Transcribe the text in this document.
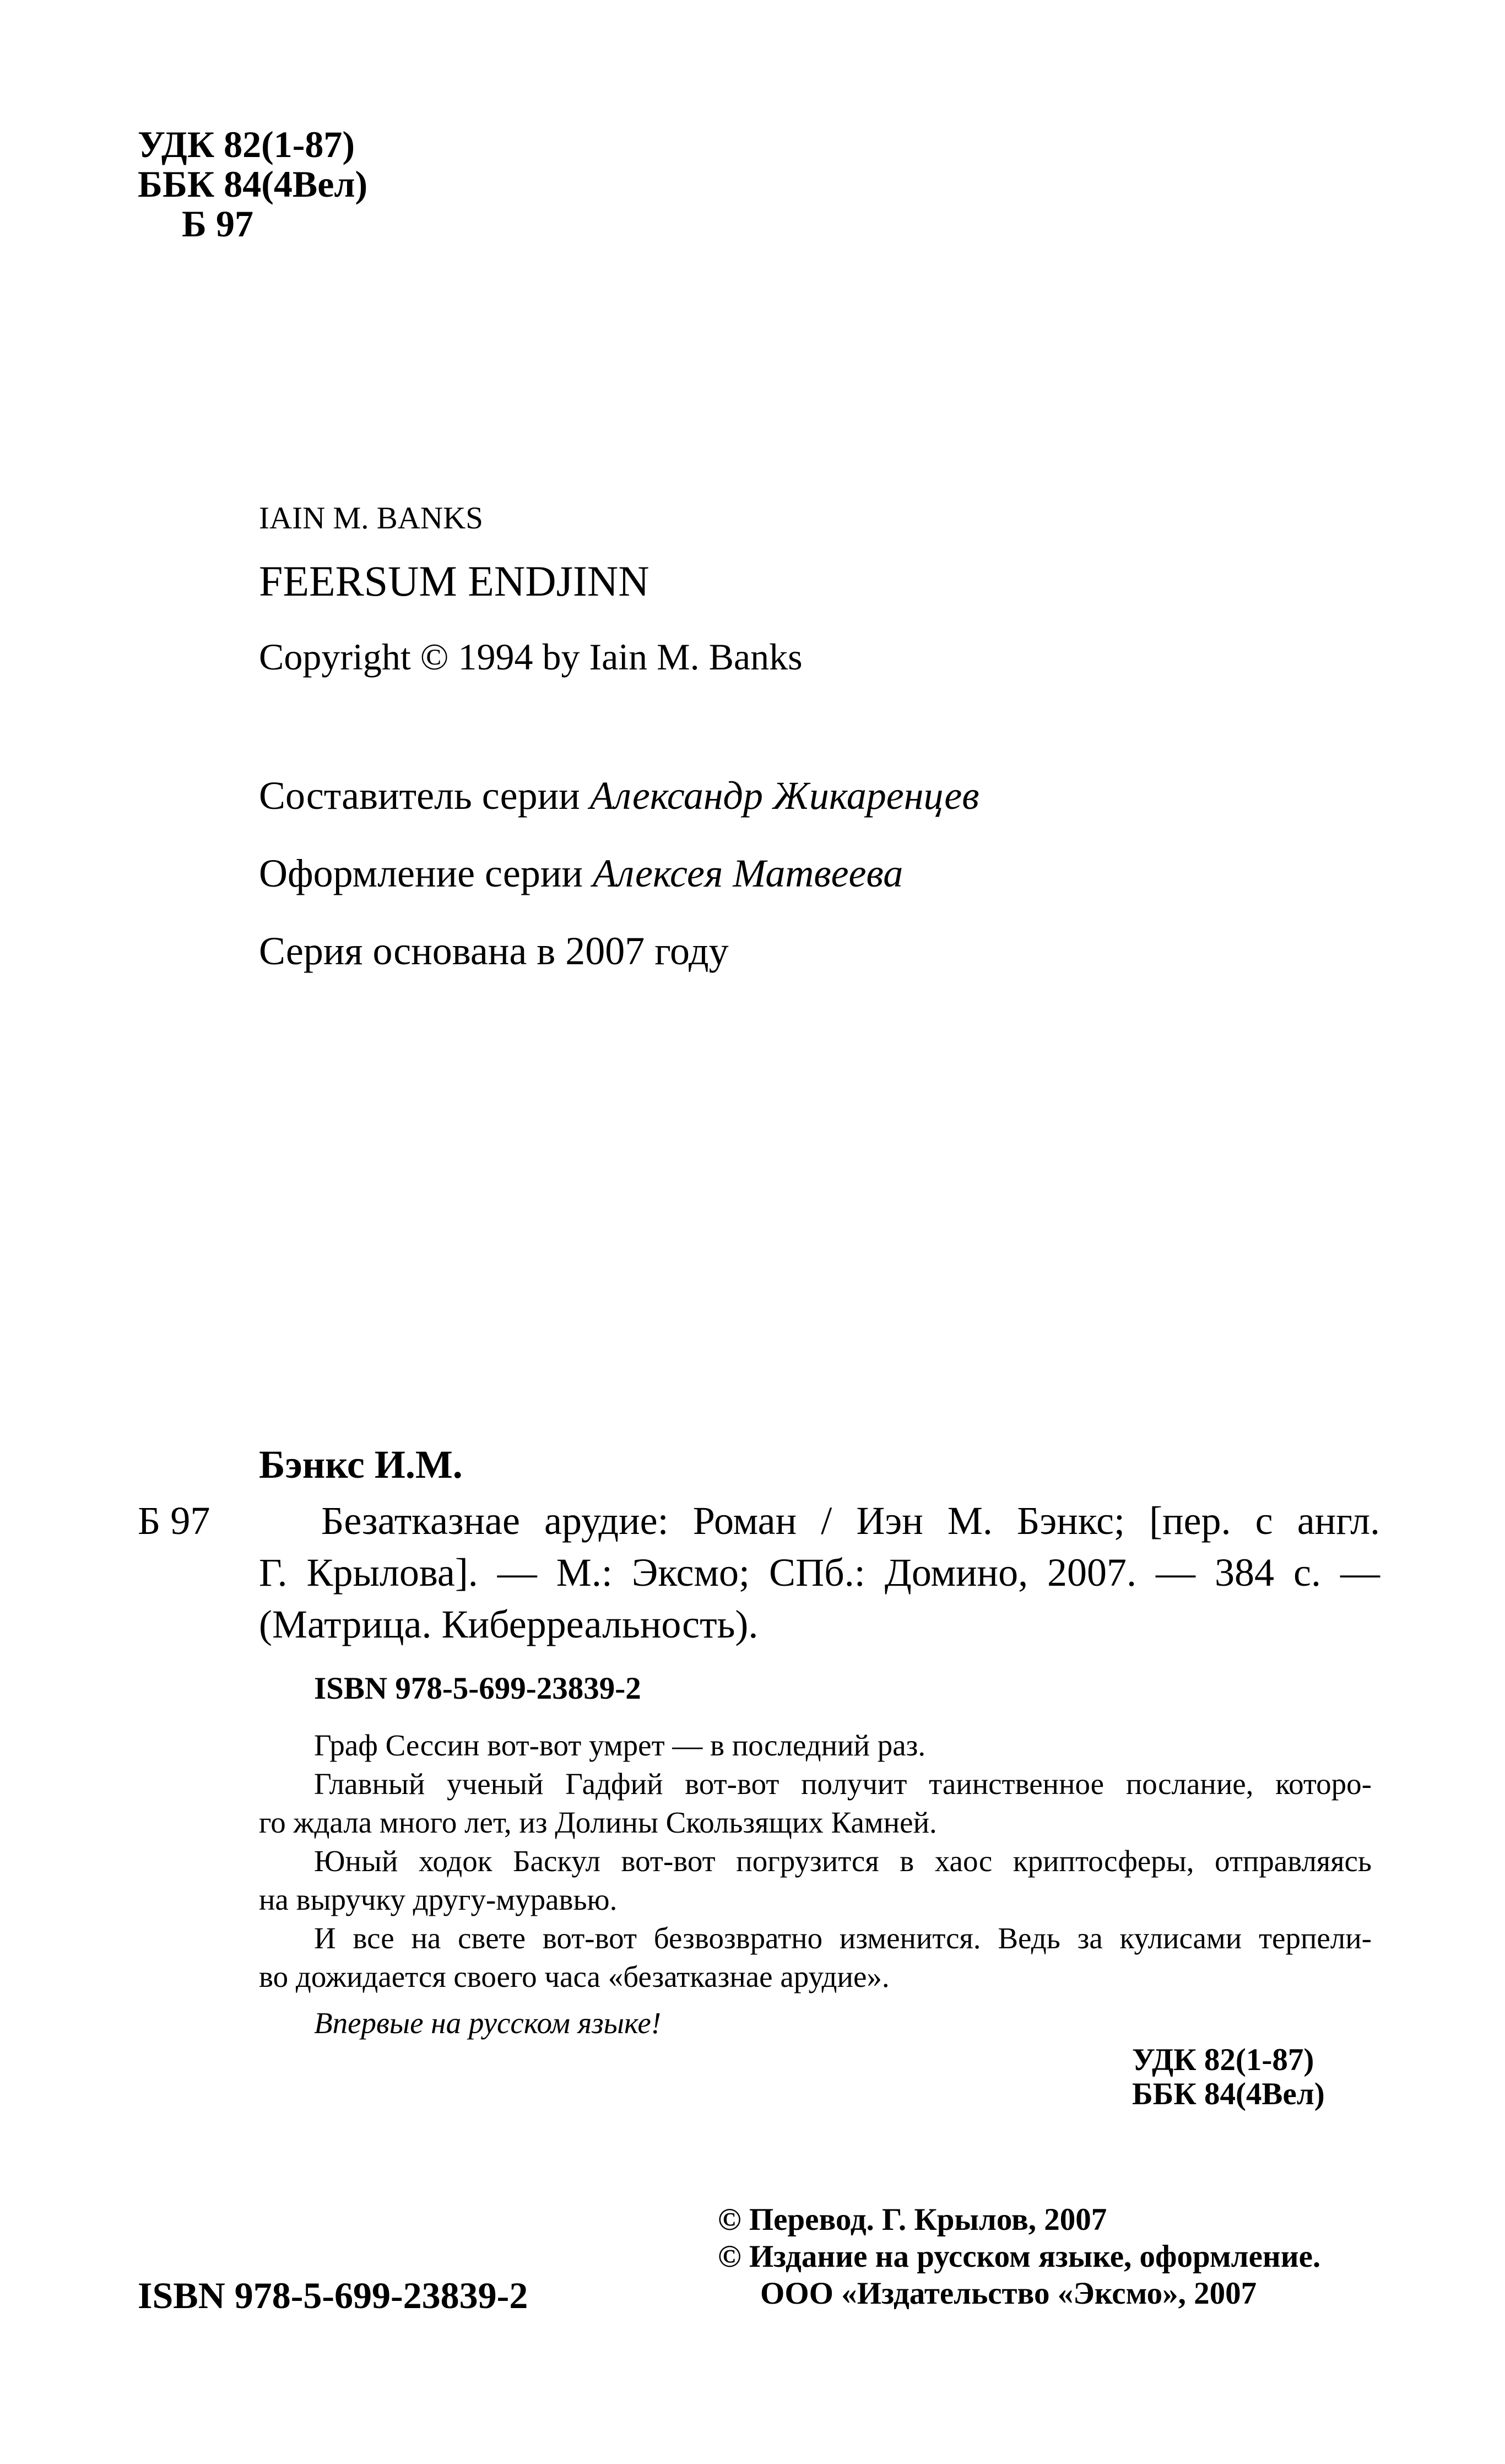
УДК 82(1-87)
ББК 84(4Вел)
Б 97
IAIN M. BANKS
FEERSUM ENDJINN
Copyright © 1994 by Iain M. Banks
Составитель серии Александр Жикаренцев
Оформление серии Алексея Матвеева
Серия основана в 2007 году
Бэнкс И.М.
Б 97	Безатказнае арудие: Роман / Иэн М. Бэнкс; [пер. с англ.
Г. Крылова]. — М.: Эксмо; СПб.: Домино, 2007. — 384 с. —
(Матрица. Киберреальность).
ISBN 978-5-699-23839-2
Граф Сессин вот-вот умрет — в последний раз.
Главный ученый Гадфий вот-вот получит таинственное послание, которо-
го ждала много лет, из Долины Скользящих Камней.
Юный ходок Баскул вот-вот погрузится в хаос криптосферы, отправляясь
на выручку другу-муравью.
И все на свете вот-вот безвозвратно изменится. Ведь за кулисами терпели-
во дожидается своего часа «безатказнае арудие».
Впервые на русском языке!
УДК 82(1-87)
ББК 84(4Вел)
© Перевод. Г. Крылов, 2007
© Издание на русском языке, оформление.
ООО «Издательство «Эксмо», 2007
ISBN 978-5-699-23839-2
